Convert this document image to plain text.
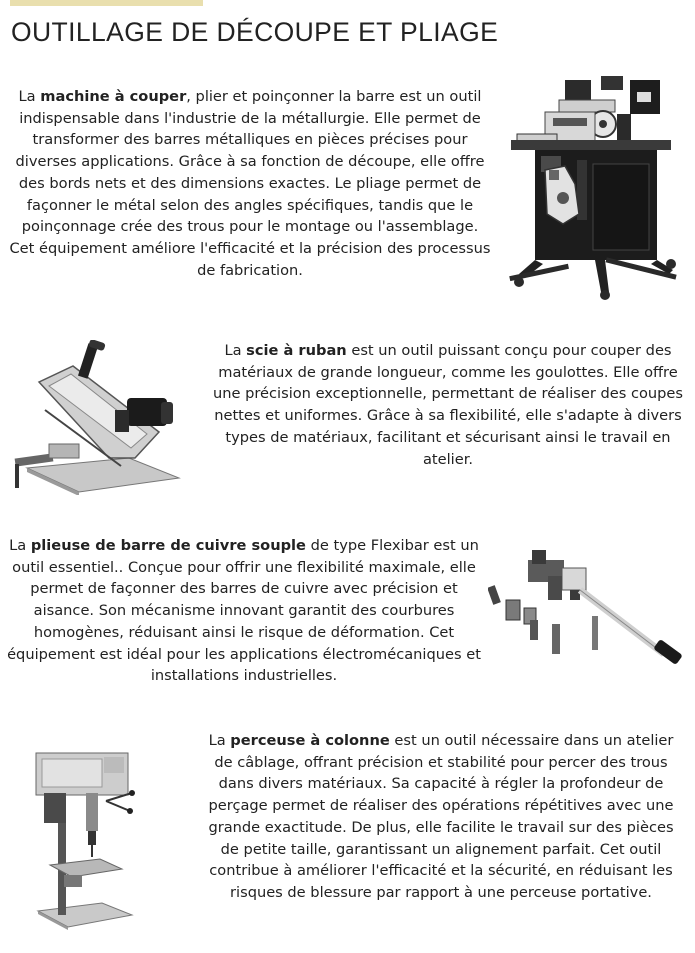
OUTILLAGE DE DÉCOUPE ET PLIAGE

La machine à couper, plier et poinçonner la barre est un outil indispensable dans l'industrie de la métallurgie. Elle permet de transformer des barres métalliques en pièces précises pour diverses applications. Grâce à sa fonction de découpe, elle offre des bords nets et des dimensions exactes. Le pliage permet de façonner le métal selon des angles spécifiques, tandis que le poinçonnage crée des trous pour le montage ou l'assemblage. Cet équipement améliore l'efficacité et la précision des processus de fabrication.

La scie à ruban est un outil puissant conçu pour couper des matériaux de grande longueur, comme les goulottes. Elle offre une précision exceptionnelle, permettant de réaliser des coupes nettes et uniformes. Grâce à sa flexibilité, elle s'adapte à divers types de matériaux, facilitant et sécurisant ainsi le travail en atelier.

La plieuse de barre de cuivre souple de type Flexibar est un outil essentiel.. Conçue pour offrir une flexibilité maximale, elle permet de façonner des barres de cuivre avec précision et aisance. Son mécanisme innovant garantit des courbures homogènes, réduisant ainsi le risque de déformation. Cet équipement est idéal pour les applications électromécaniques et installations industrielles.

La perceuse à colonne est un outil nécessaire dans un atelier de câblage, offrant précision et stabilité pour percer des trous dans divers matériaux. Sa capacité à régler la profondeur de perçage permet de réaliser des opérations répétitives avec une grande exactitude. De plus, elle facilite le travail sur des pièces de petite taille, garantissant un alignement parfait. Cet outil contribue à améliorer l'efficacité et la sécurité, en réduisant les risques de blessure par rapport à une perceuse portative.
